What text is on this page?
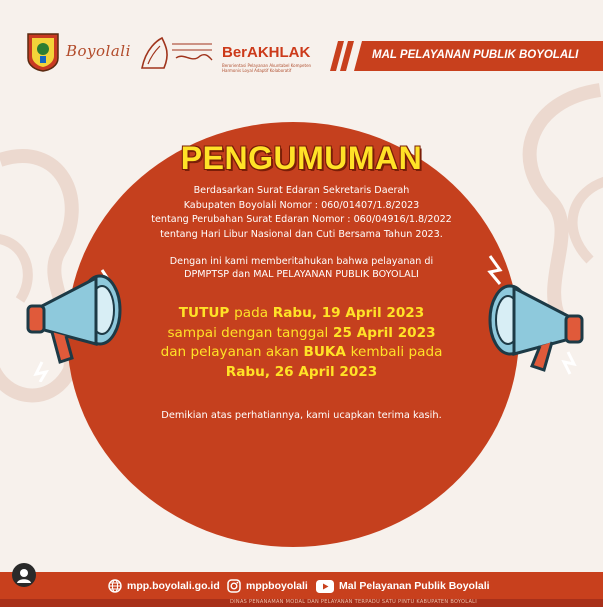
Boyolali	BerAKHLAK
Berorientasi Pelayanan Akuntabel Kompeten Harmonis Loyal Adaptif Kolaboratif
MAL PELAYANAN PUBLIK BOYOLALI
PENGUMUMAN
Berdasarkan Surat Edaran Sekretaris Daerah
Kabupaten Boyolali Nomor : 060/01407/1.8/2023
tentang Perubahan Surat Edaran Nomor : 060/04916/1.8/2022
tentang Hari Libur Nasional dan Cuti Bersama Tahun 2023.
Dengan ini kami memberitahukan bahwa pelayanan di
DPMPTSP dan MAL PELAYANAN PUBLIK BOYOLALI
TUTUP pada Rabu, 19 April 2023
sampai dengan tanggal 25 April 2023
dan pelayanan akan BUKA kembali pada
Rabu, 26 April 2023
Demikian atas perhatiannya, kami ucapkan terima kasih.
mpp.boyolali.go.id	mppboyolali	Mal Pelayanan Publik Boyolali
DINAS PENANAMAN MODAL DAN PELAYANAN TERPADU SATU PINTU KABUPATEN BOYOLALI
